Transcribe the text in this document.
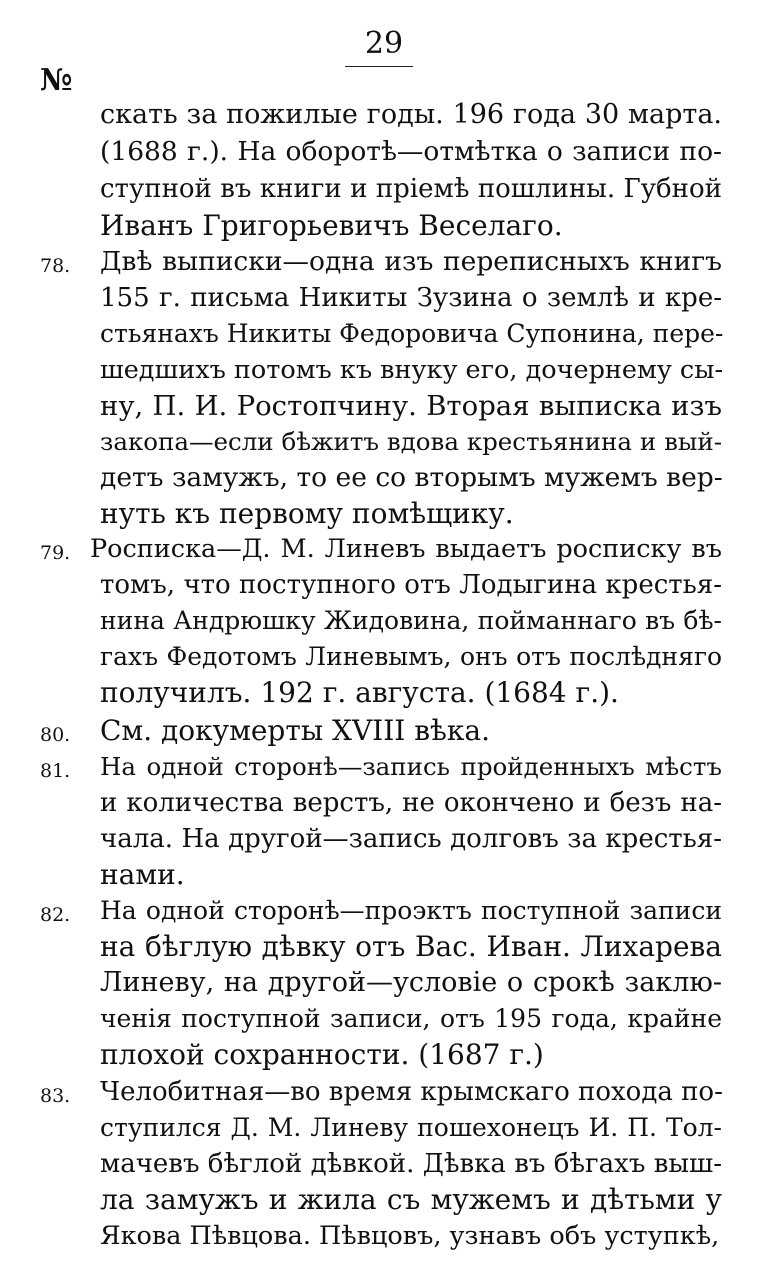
29
№
скать за пожилые годы. 196 года 30 марта.
(1688 г.). На оборотѣ—отмѣтка о записи по-
ступной въ книги и пріемѣ пошлины. Губной
Иванъ Григорьевичъ Веселаго.
78. Двѣ выписки—одна изъ переписныхъ книгъ
155 г. письма Никиты Зузина о землѣ и кре-
стьянахъ Никиты Федоровича Супонина, пере-
шедшихъ потомъ къ внуку его, дочернему сы-
ну, П. И. Ростопчину. Вторая выписка изъ
закопа—если бѣжитъ вдова крестьянина и вый-
детъ замужъ, то ее со вторымъ мужемъ вер-
нуть къ первому помѣщику.
79. Росписка—Д. М. Линевъ выдаетъ росписку въ
томъ, что поступного отъ Лодыгина крестья-
нина Андрюшку Жидовина, пойманнаго въ бѣ-
гахъ Федотомъ Линевымъ, онъ отъ послѣдняго
получилъ. 192 г. августа. (1684 г.).
80. См. докумерты XVIII вѣка.
81. На одной сторонѣ—запись пройденныхъ мѣстъ
и количества верстъ, не окончено и безъ на-
чала. На другой—запись долговъ за крестья-
нами.
82. На одной сторонѣ—проэктъ поступной записи
на бѣглую дѣвку отъ Вас. Иван. Лихарева
Линеву, на другой—условіе о срокѣ заклю-
ченія поступной записи, отъ 195 года, крайне
плохой сохранности. (1687 г.)
83. Челобитная—во время крымскаго похода по-
ступился Д. М. Линеву пошехонецъ И. П. Тол-
мачевъ бѣглой дѣвкой. Дѣвка въ бѣгахъ выш-
ла замужъ и жила съ мужемъ и дѣтьми у
Якова Пѣвцова. Пѣвцовъ, узнавъ объ уступкѣ,
